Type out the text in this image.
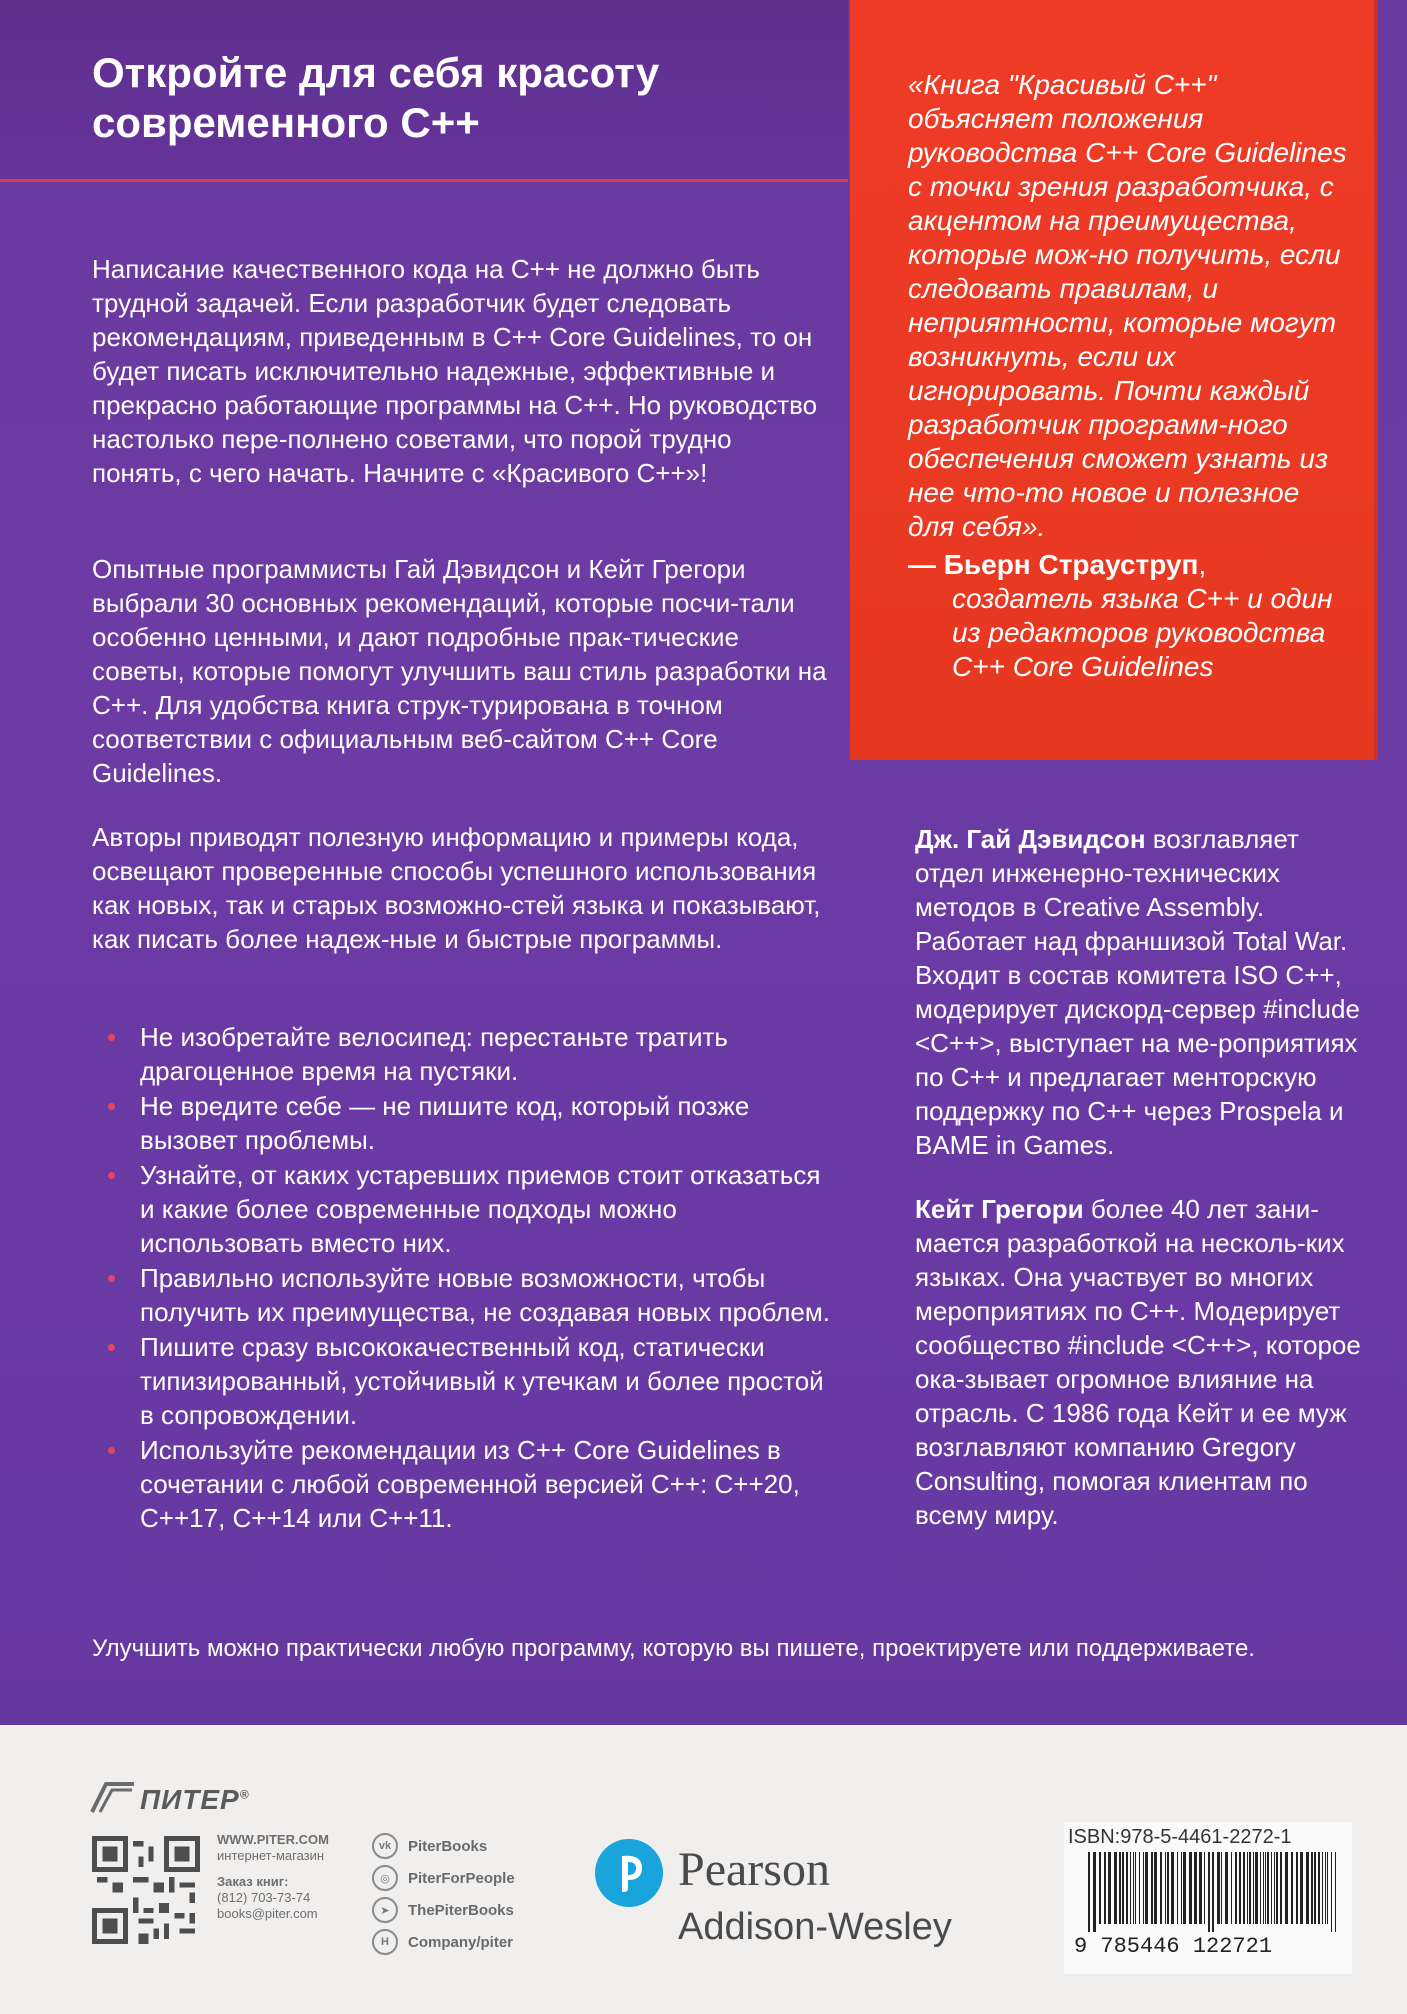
Откройте для себя красоту современного С++

«Книга "Красивый С++" объясняет положения руководства С++ Core Guidelines с точки зрения разработчика, с акцентом на преимущества, которые мож-но получить, если следовать правилам, и неприятности, которые могут возникнуть, если их игнорировать. Почти каждый разработчик программ-ного обеспечения сможет узнать из нее что-то новое и полезное для себя».

— Бьерн Страуструп,
создатель языка С++ и один из редакторов руководства С++ Core Guidelines

Написание качественного кода на С++ не должно быть трудной задачей. Если разработчик будет следовать рекомендациям, приведенным в С++ Core Guidelines, то он будет писать исключительно надежные, эффективные и прекрасно работающие программы на С++. Но руководство настолько пере-полнено советами, что порой трудно понять, с чего начать. Начните с «Красивого С++»!

Опытные программисты Гай Дэвидсон и Кейт Грегори выбрали 30 основных рекомендаций, которые посчи-тали особенно ценными, и дают подробные прак-тические советы, которые помогут улучшить ваш стиль разработки на С++. Для удобства книга струк-турирована в точном соответствии с официальным веб-сайтом С++ Core Guidelines.

Авторы приводят полезную информацию и примеры кода, освещают проверенные способы успешного использования как новых, так и старых возможно-стей языка и показывают, как писать более надеж-ные и быстрые программы.

Не изобретайте велосипед: перестаньте тратить драгоценное время на пустяки.
Не вредите себе — не пишите код, который позже вызовет проблемы.
Узнайте, от каких устаревших приемов стоит отказаться и какие более современные подходы можно использовать вместо них.
Правильно используйте новые возможности, чтобы получить их преимущества, не создавая новых проблем.
Пишите сразу высококачественный код, статически типизированный, устойчивый к утечкам и более простой в сопровождении.
Используйте рекомендации из С++ Core Guidelines в сочетании с любой современной версией С++: С++20, С++17, С++14 или С++11.

Дж. Гай Дэвидсон возглавляет отдел инженерно-технических методов в Creative Assembly. Работает над франшизой Total War. Входит в состав комитета ISO С++, модерирует дискорд-сервер #include <C++>, выступает на ме-роприятиях по С++ и предлагает менторскую поддержку по С++ через Prospela и BAME in Games.

Кейт Грегори более 40 лет зани-мается разработкой на несколь-ких языках. Она участвует во многих мероприятиях по С++. Модерирует сообщество #include <C++>, которое ока-зывает огромное влияние на отрасль. С 1986 года Кейт и ее муж возглавляют компанию Gregory Consulting, помогая клиентам по всему миру.

Улучшить можно практически любую программу, которую вы пишете, проектируете или поддерживаете.

ПИТЕР®
WWW.PITER.COM
интернет-магазин
Заказ книг:
(812) 703-73-74
books@piter.com
vk	PiterBooks
◎	PiterForPeople
➤	ThePiterBooks
H	Company/piter

Pearson

Addison-Wesley

ISBN:978-5-4461-2272-1

9 785446 122721
